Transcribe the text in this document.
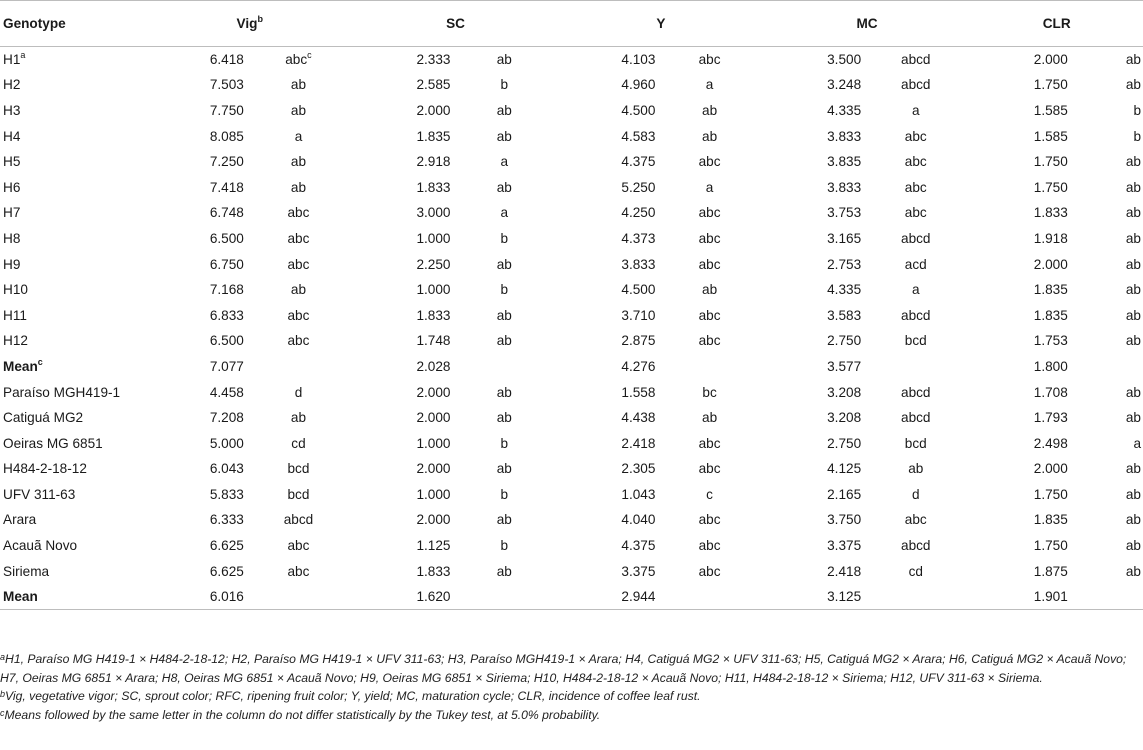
Genotype	Vig$^b$		SC		Y		MC		CLR	
H1$^a$	6.418	abc$^c$	2.333	ab	4.103	abc	3.500	abcd	2.000	ab
H2	7.503	ab	2.585	b	4.960	a	3.248	abcd	1.750	ab
H3	7.750	ab	2.000	ab	4.500	ab	4.335	a	1.585	b
H4	8.085	a	1.835	ab	4.583	ab	3.833	abc	1.585	b
H5	7.250	ab	2.918	a	4.375	abc	3.835	abc	1.750	ab
H6	7.418	ab	1.833	ab	5.250	a	3.833	abc	1.750	ab
H7	6.748	abc	3.000	a	4.250	abc	3.753	abc	1.833	ab
H8	6.500	abc	1.000	b	4.373	abc	3.165	abcd	1.918	ab
H9	6.750	abc	2.250	ab	3.833	abc	2.753	acd	2.000	ab
H10	7.168	ab	1.000	b	4.500	ab	4.335	a	1.835	ab
H11	6.833	abc	1.833	ab	3.710	abc	3.583	abcd	1.835	ab
H12	6.500	abc	1.748	ab	2.875	abc	2.750	bcd	1.753	ab
Mean$^c$	7.077		2.028		4.276		3.577		1.800	
Paraíso MGH419-1	4.458	d	2.000	ab	1.558	bc	3.208	abcd	1.708	ab
Catiguá MG2	7.208	ab	2.000	ab	4.438	ab	3.208	abcd	1.793	ab
Oeiras MG 6851	5.000	cd	1.000	b	2.418	abc	2.750	bcd	2.498	a
H484-2-18-12	6.043	bcd	2.000	ab	2.305	abc	4.125	ab	2.000	ab
UFV 311-63	5.833	bcd	1.000	b	1.043	c	2.165	d	1.750	ab
Arara	6.333	abcd	2.000	ab	4.040	abc	3.750	abc	1.835	ab
Acauã Novo	6.625	abc	1.125	b	4.375	abc	3.375	abcd	1.750	ab
Siriema	6.625	abc	1.833	ab	3.375	abc	2.418	cd	1.875	ab
Mean	6.016		1.620		2.944		3.125		1.901	

$^a$H1, Paraíso MG H419-1 × H484-2-18-12; H2, Paraíso MG H419-1 × UFV 311-63; H3, Paraíso MGH419-1 × Arara; H4, Catiguá MG2 × UFV 311-63; H5, Catiguá MG2 × Arara; H6, Catiguá MG2 × Acauã Novo; H7, Oeiras MG 6851 × Arara; H8, Oeiras MG 6851 × Acauã Novo; H9, Oeiras MG 6851 × Siriema; H10, H484-2-18-12 × Acauã Novo; H11, H484-2-18-12 × Siriema; H12, UFV 311-63 × Siriema.

$^b$Vig, vegetative vigor; SC, sprout color; RFC, ripening fruit color; Y, yield; MC, maturation cycle; CLR, incidence of coffee leaf rust.

$^c$Means followed by the same letter in the column do not differ statistically by the Tukey test, at 5.0% probability.
